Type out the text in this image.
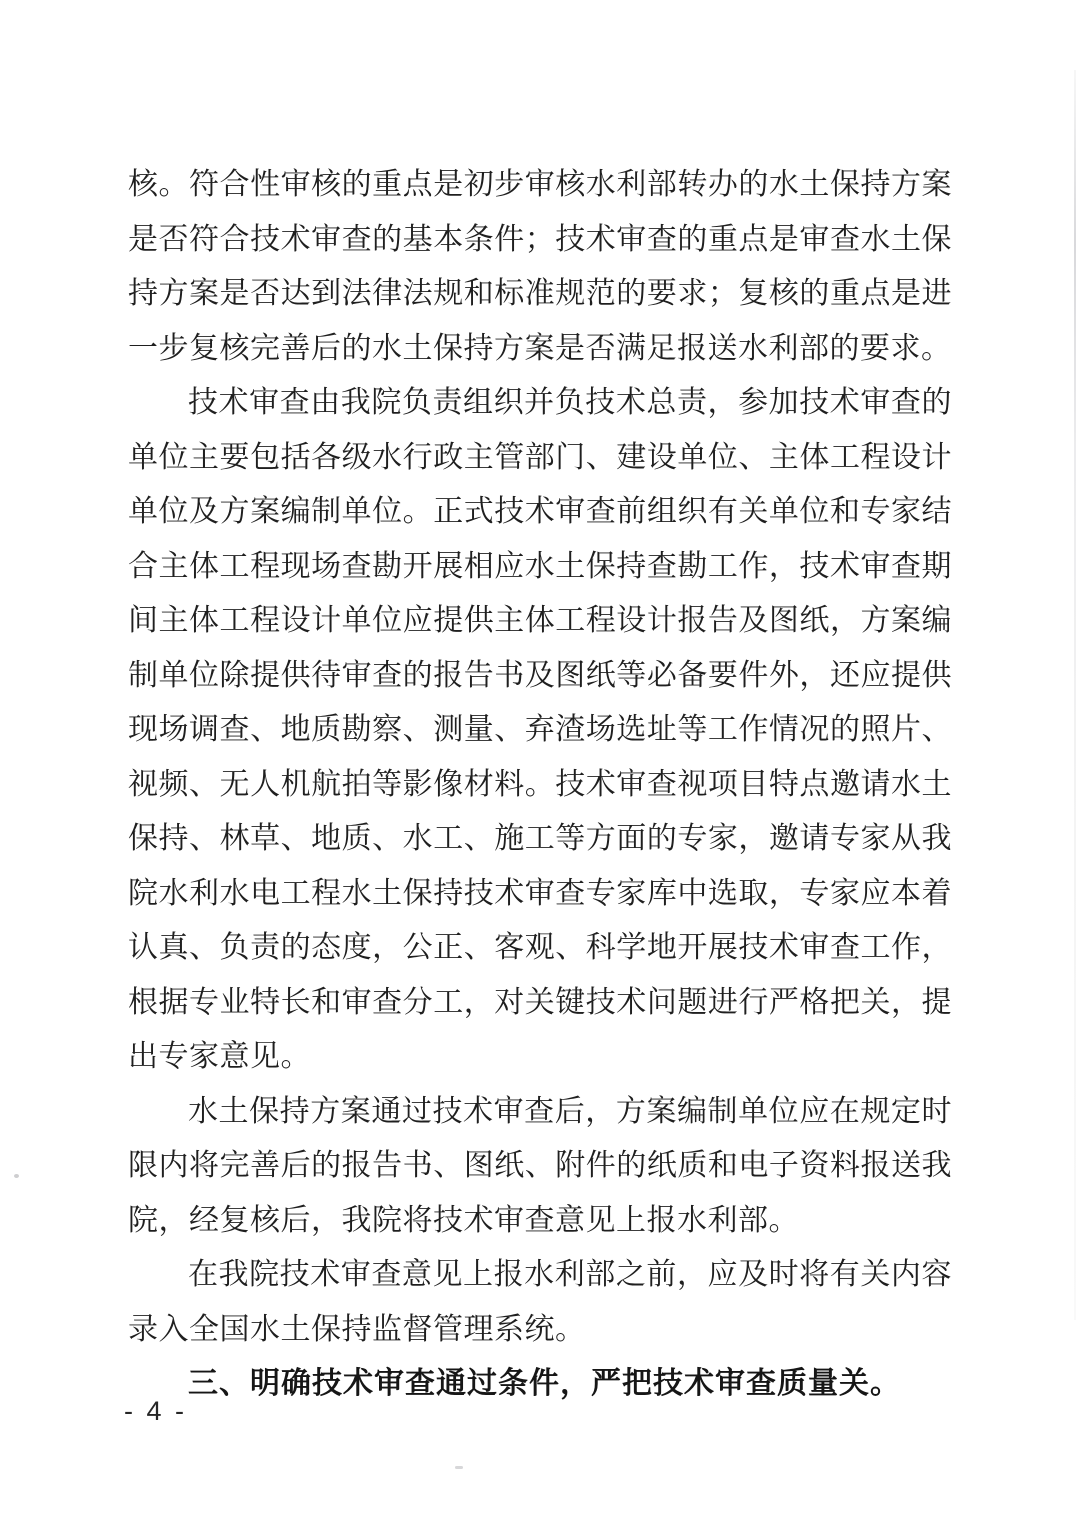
核。符合性审核的重点是初步审核水利部转办的水土保持方案是否符合技术审查的基本条件；技术审查的重点是审查水土保持方案是否达到法律法规和标准规范的要求；复核的重点是进一步复核完善后的水土保持方案是否满足报送水利部的要求。

技术审查由我院负责组织并负技术总责，参加技术审查的单位主要包括各级水行政主管部门、建设单位、主体工程设计单位及方案编制单位。正式技术审查前组织有关单位和专家结合主体工程现场查勘开展相应水土保持查勘工作，技术审查期间主体工程设计单位应提供主体工程设计报告及图纸，方案编制单位除提供待审查的报告书及图纸等必备要件外，还应提供现场调查、地质勘察、测量、弃渣场选址等工作情况的照片、视频、无人机航拍等影像材料。技术审查视项目特点邀请水土保持、林草、地质、水工、施工等方面的专家，邀请专家从我院水利水电工程水土保持技术审查专家库中选取，专家应本着认真、负责的态度，公正、客观、科学地开展技术审查工作，根据专业特长和审查分工，对关键技术问题进行严格把关，提出专家意见。

水土保持方案通过技术审查后，方案编制单位应在规定时限内将完善后的报告书、图纸、附件的纸质和电子资料报送我院，经复核后，我院将技术审查意见上报水利部。

在我院技术审查意见上报水利部之前，应及时将有关内容录入全国水土保持监督管理系统。

三、明确技术审查通过条件，严把技术审查质量关。

- 4 -
